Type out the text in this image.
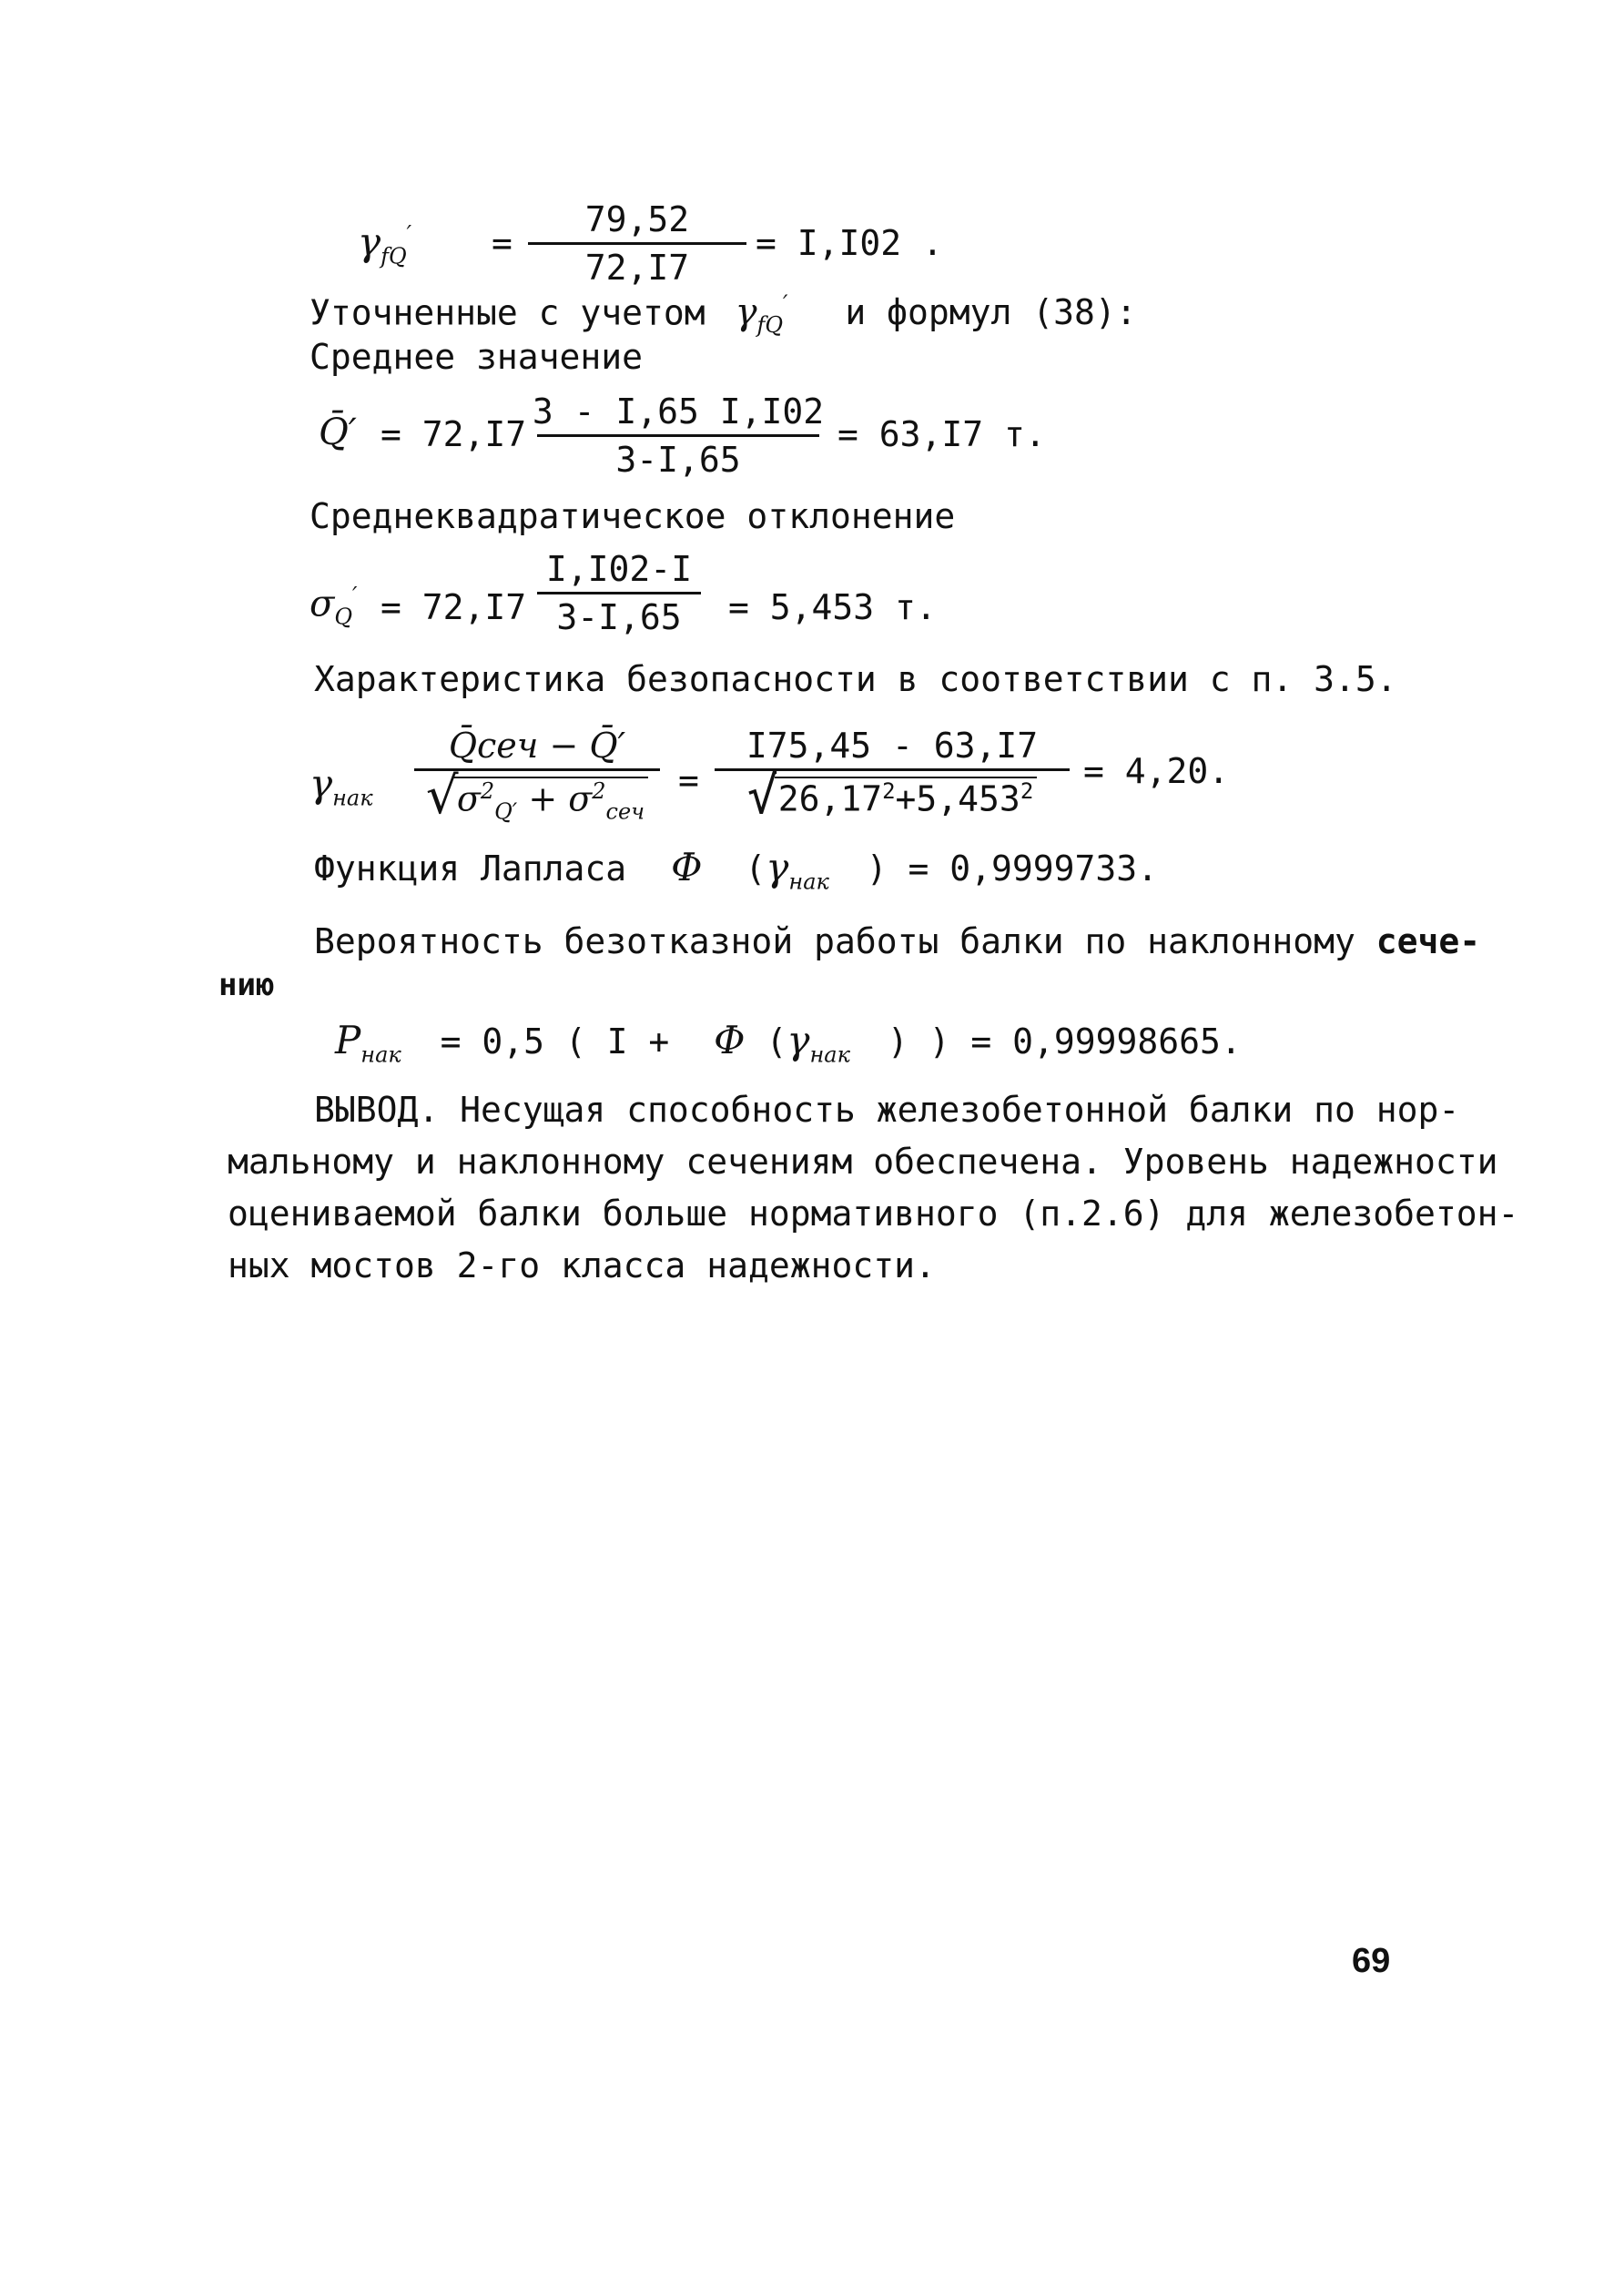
$\gamma_{fQ}'$ =
79,52
72,I7
= I,I02 .
Уточненные с учетом $\gamma_{fQ}'$ и формул (38):
Среднее значение
Q̄′ = 72,I7
3 - I,65 I,I02
3-I,65
= 63,I7 т.
Среднеквадратическое отклонение
$\sigma_Q' = 72,I7$
I,I02-I
3-I,65 = 5,453 т.
Характеристика безопасности в соответствии с п. 3.5.
$\gamma_{нак}$
Q̄сеч − Q̄′
√
$\sigma^2_{Q'} + \sigma^2_{сеч}$
=
I75,45 - 63,I7
√ $26,17^2+5,453^2 = 4,20$.
Функция Лапласа Φ ($\gamma_{нак}$ ) = 0,9999733.
Вероятность безотказной работы балки по наклонному сече-
нию
$P_{нак} = 0,5$ ( I + Φ ($\gamma_{нак}$ ) ) = 0,99998665.
ВЫВОД. Несущая способность железобетонной балки по нор-
мальному и наклонному сечениям обеспечена. Уровень надежности
оцениваемой балки больше нормативного (п.2.6) для железобетон-
ных мостов 2-го класса надежности.
69
